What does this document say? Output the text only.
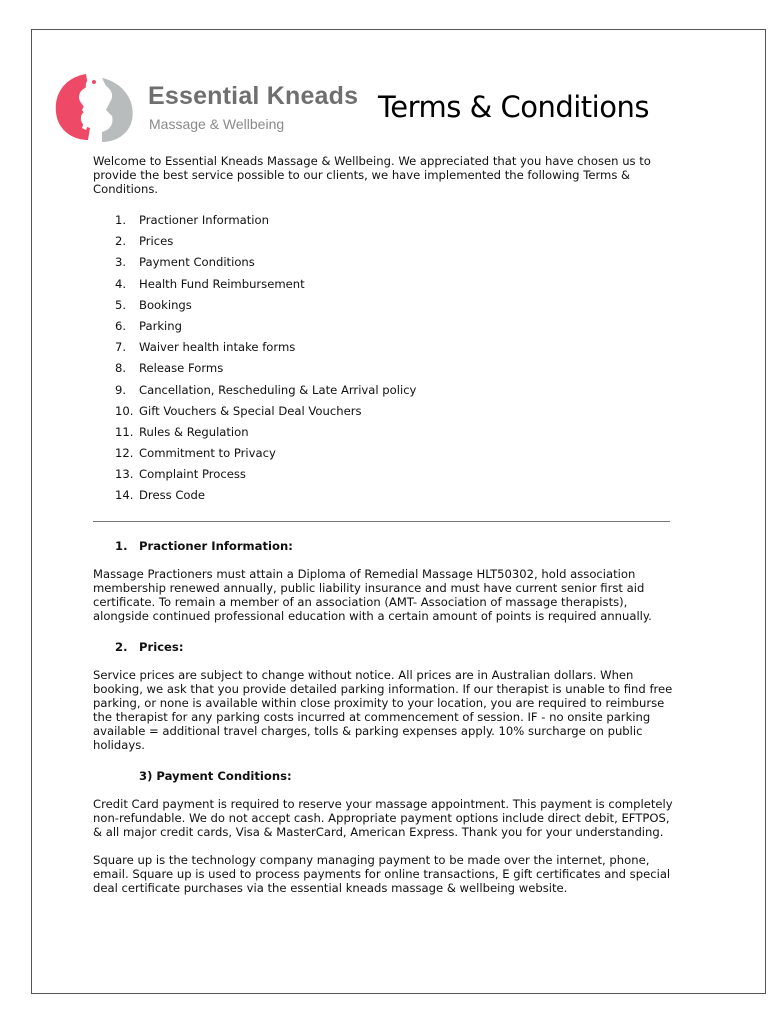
Essential Kneads
Massage & Wellbeing	Terms & Conditions

Welcome to Essential Kneads Massage & Wellbeing. We appreciated that you have chosen us to provide the best service possible to our clients, we have implemented the following Terms & Conditions.

1. Practioner Information
2. Prices
3. Payment Conditions
4. Health Fund Reimbursement
5. Bookings
6. Parking
7. Waiver health intake forms
8. Release Forms
9. Cancellation, Rescheduling & Late Arrival policy
10. Gift Vouchers & Special Deal Vouchers
11. Rules & Regulation
12. Commitment to Privacy
13. Complaint Process
14. Dress Code
1. Practioner Information:

Massage Practioners must attain a Diploma of Remedial Massage HLT50302, hold association membership renewed annually, public liability insurance and must have current senior first aid certificate. To remain a member of an association (AMT- Association of massage therapists), alongside continued professional education with a certain amount of points is required annually.

2. Prices:

Service prices are subject to change without notice. All prices are in Australian dollars. When booking, we ask that you provide detailed parking information. If our therapist is unable to find free parking, or none is available within close proximity to your location, you are required to reimburse the therapist for any parking costs incurred at commencement of session. IF - no onsite parking available = additional travel charges, tolls & parking expenses apply. 10% surcharge on public holidays.

3) Payment Conditions:

Credit Card payment is required to reserve your massage appointment. This payment is completely non-refundable. We do not accept cash. Appropriate payment options include direct debit, EFTPOS, & all major credit cards, Visa & MasterCard, American Express. Thank you for your understanding.

Square up is the technology company managing payment to be made over the internet, phone, email. Square up is used to process payments for online transactions, E gift certificates and special deal certificate purchases via the essential kneads massage & wellbeing website.
